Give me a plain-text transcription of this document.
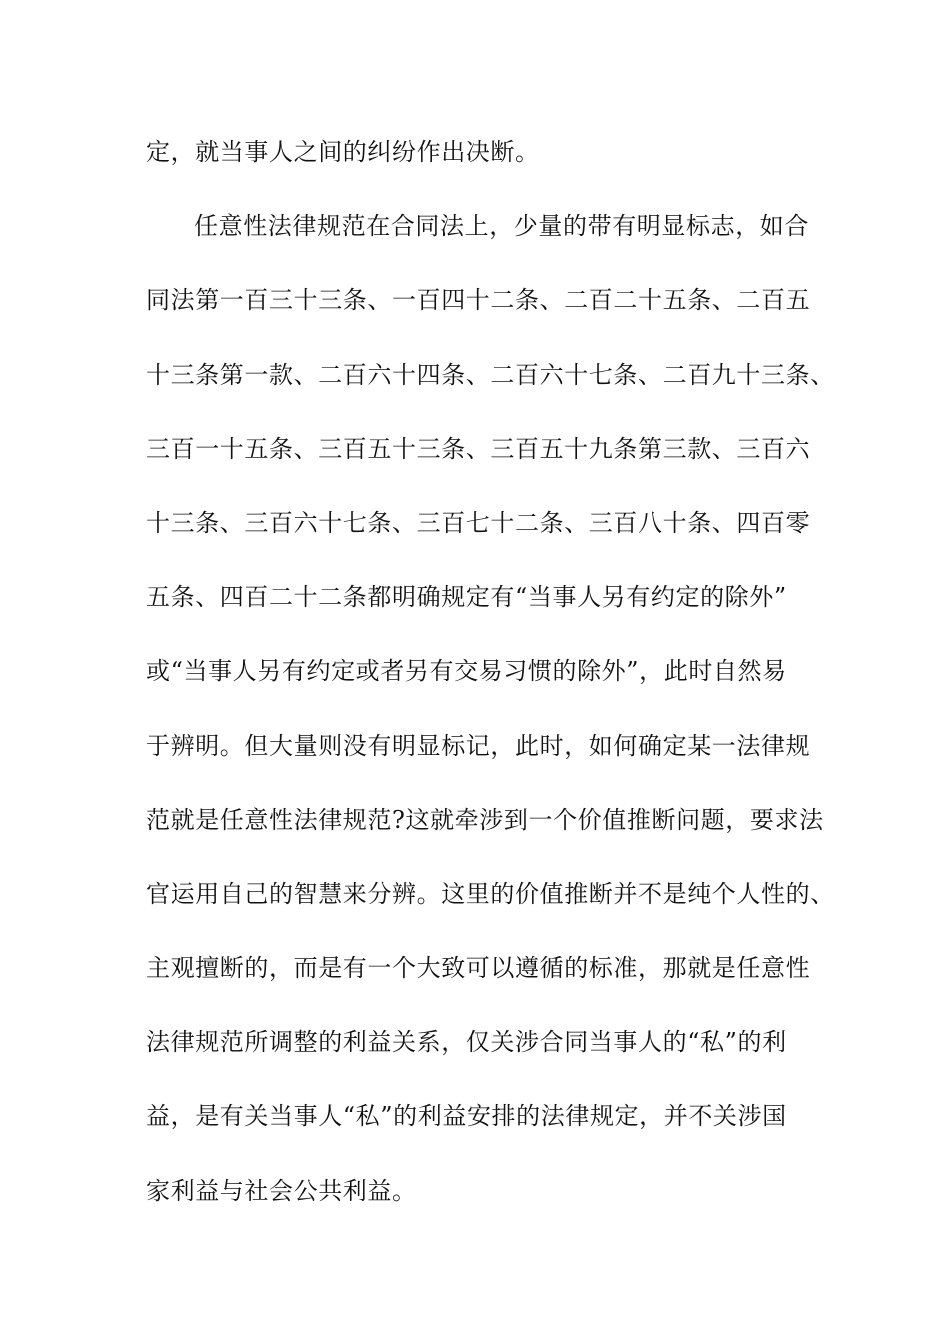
定，就当事人之间的纠纷作出决断。
任意性法律规范在合同法上，少量的带有明显标志，如合
同法第一百三十三条、一百四十二条、二百二十五条、二百五
十三条第一款、二百六十四条、二百六十七条、二百九十三条、
三百一十五条、三百五十三条、三百五十九条第三款、三百六
十三条、三百六十七条、三百七十二条、三百八十条、四百零
五条、四百二十二条都明确规定有“当事人另有约定的除外”
或“当事人另有约定或者另有交易习惯的除外”，此时自然易
于辨明。但大量则没有明显标记，此时，如何确定某一法律规
范就是任意性法律规范?这就牵涉到一个价值推断问题，要求法
官运用自己的智慧来分辨。这里的价值推断并不是纯个人性的、
主观擅断的，而是有一个大致可以遵循的标准，那就是任意性
法律规范所调整的利益关系，仅关涉合同当事人的“私”的利
益，是有关当事人“私”的利益安排的法律规定，并不关涉国
家利益与社会公共利益。
